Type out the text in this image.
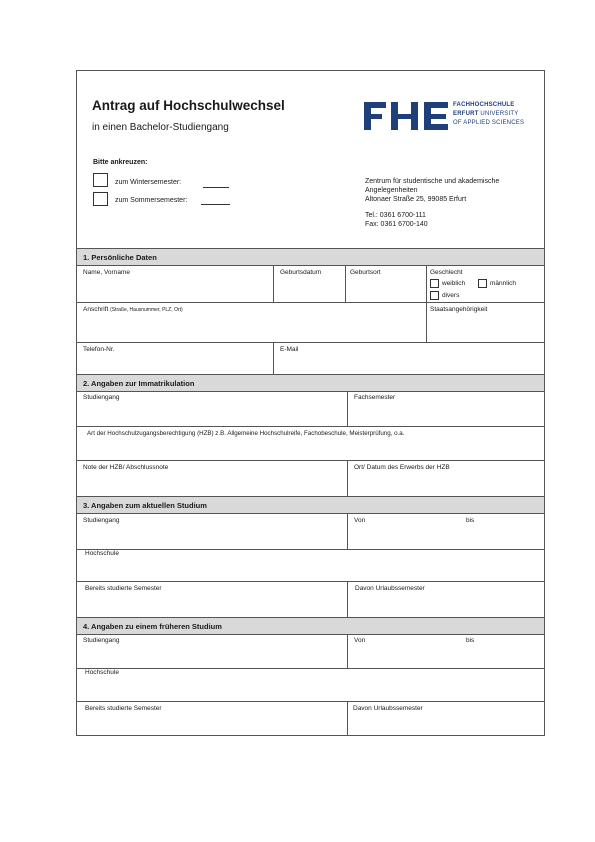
Antrag auf Hochschulwechsel
in einen Bachelor-Studiengang
FACHHOCHSCHULE
ERFURT UNIVERSITY
OF APPLIED SCIENCES
Bitte ankreuzen:
zum Wintersemester:
zum Sommersemester:
Zentrum für studentische und akademische
Angelegenheiten
Altonaer Straße 25, 99085 Erfurt
Tel.: 0361 6700-111
Fax: 0361 6700-140
1. Persönliche Daten
Name, Vorname	Geburtsdatum	Geburtsort	Geschlecht
weiblich	männlich
divers
Anschrift (Straße, Hausnummer, PLZ, Ort)	Staatsangehörigkeit
Telefon-Nr.	E-Mail
2. Angaben zur Immatrikulation
Studiengang	Fachsemester
Art der Hochschulzugangsberechtigung (HZB) z.B. Allgemeine Hochschulreife, Fachobeschule, Meisterprüfung, o.a.
Note der HZB/ Abschlussnote	Ort/ Datum des Erwerbs der HZB
3. Angaben zum aktuellen Studium
Studiengang	Von	bis
Hochschule
Bereits studierte Semester	Davon Urlaubssemester
4. Angaben zu einem früheren Studium
Studiengang	Von	bis
Hochschule
Bereits studierte Semester	Davon Urlaubssemester
